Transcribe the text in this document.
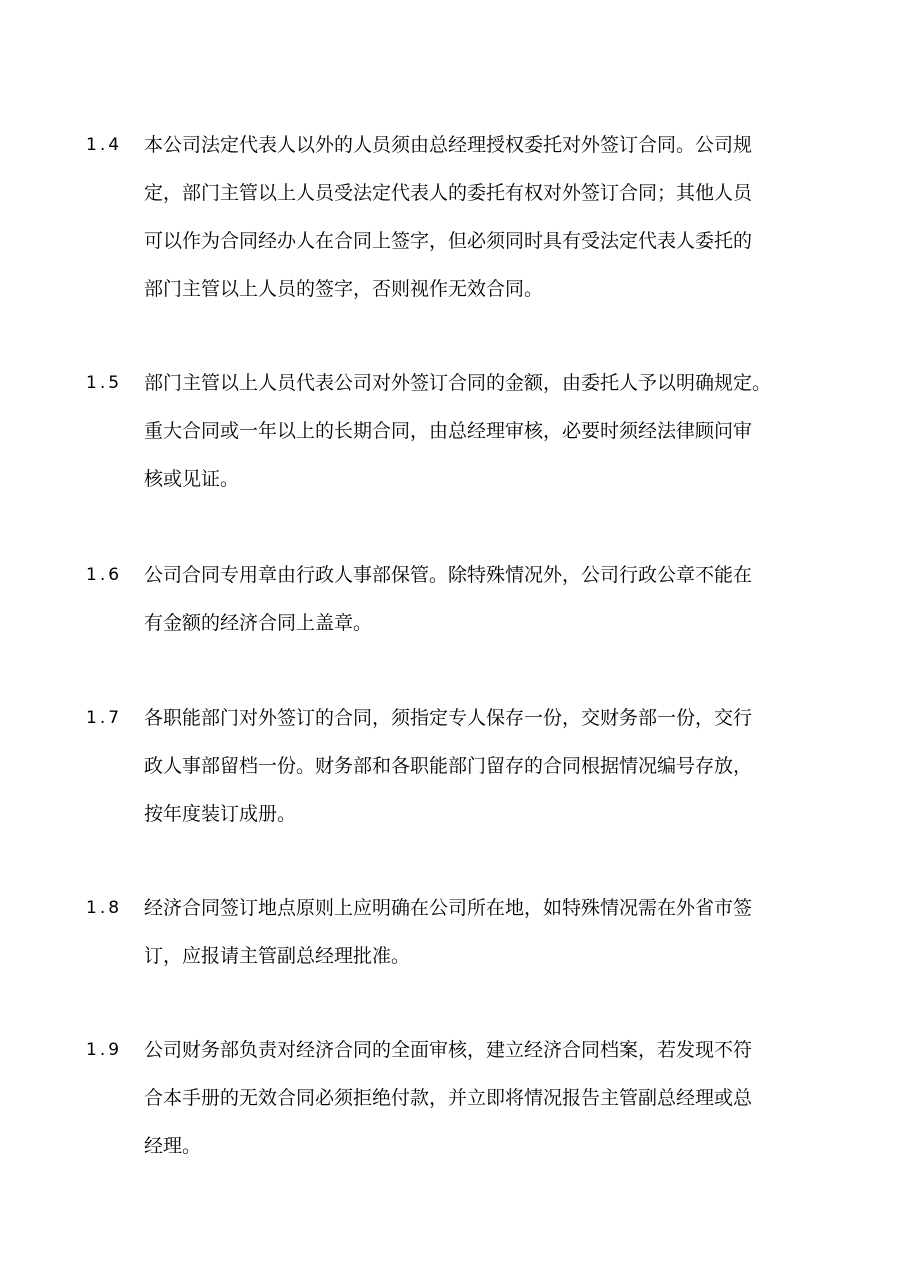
1.4 本公司法定代表人以外的人员须由总经理授权委托对外签订合同。公司规
定，部门主管以上人员受法定代表人的委托有权对外签订合同；其他人员
可以作为合同经办人在合同上签字，但必须同时具有受法定代表人委托的
部门主管以上人员的签字，否则视作无效合同。
1.5 部门主管以上人员代表公司对外签订合同的金额，由委托人予以明确规定。
重大合同或一年以上的长期合同，由总经理审核，必要时须经法律顾问审
核或见证。
1.6 公司合同专用章由行政人事部保管。除特殊情况外，公司行政公章不能在
有金额的经济合同上盖章。
1.7 各职能部门对外签订的合同，须指定专人保存一份，交财务部一份，交行
政人事部留档一份。财务部和各职能部门留存的合同根据情况编号存放，
按年度装订成册。
1.8 经济合同签订地点原则上应明确在公司所在地，如特殊情况需在外省市签
订，应报请主管副总经理批准。
1.9 公司财务部负责对经济合同的全面审核，建立经济合同档案，若发现不符
合本手册的无效合同必须拒绝付款，并立即将情况报告主管副总经理或总
经理。
